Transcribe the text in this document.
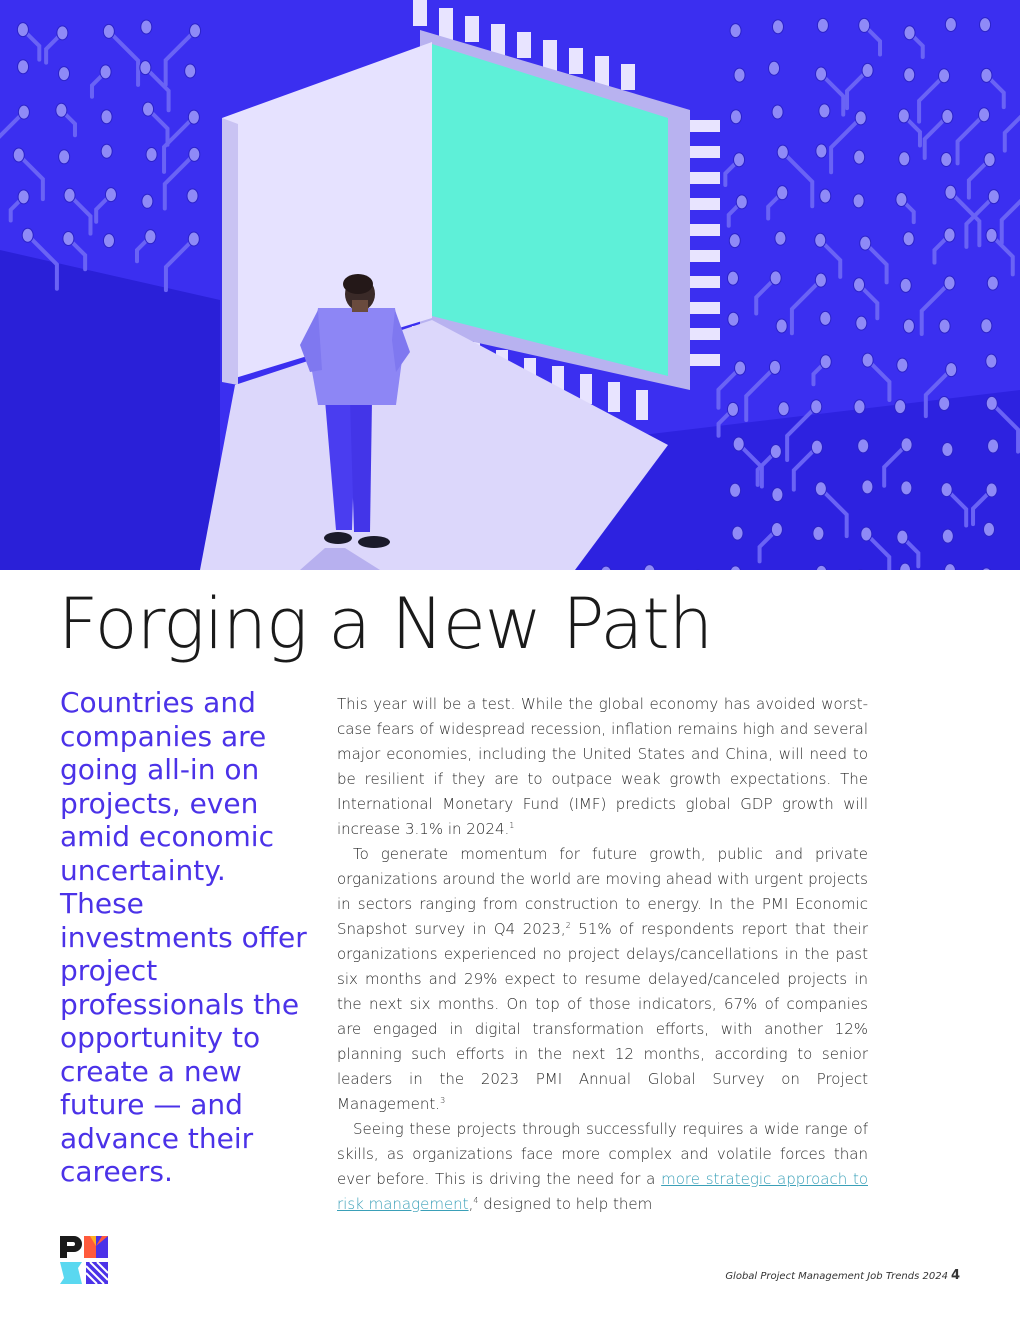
Forging a New Path
Countries and companies are going all-in on projects, even amid economic uncertainty. These investments offer project professionals the opportunity to create a new future — and advance their careers.

This year will be a test. While the global economy has avoided worst-case fears of widespread recession, inflation remains high and several major economies, including the United States and China, will need to be resilient if they are to outpace weak growth expectations. The International Monetary Fund (IMF) predicts global GDP growth will increase 3.1% in 2024.$^1$

To generate momentum for future growth, public and private organizations around the world are moving ahead with urgent projects in sectors ranging from construction to energy. In the PMI Economic Snapshot survey in Q4 2023,$^2$ 51% of respondents report that their organizations experienced no project delays/cancellations in the past six months and 29% expect to resume delayed/canceled projects in the next six months. On top of those indicators, 67% of companies are engaged in digital transformation efforts, with another 12% planning such efforts in the next 12 months, according to senior leaders in the 2023 PMI Annual Global Survey on Project Management.$^3$

Seeing these projects through successfully requires a wide range of skills, as organizations face more complex and volatile forces than ever before. This is driving the need for a more strategic approach to risk management,$^4$ designed to help them

Global Project Management Job Trends 2024 4
